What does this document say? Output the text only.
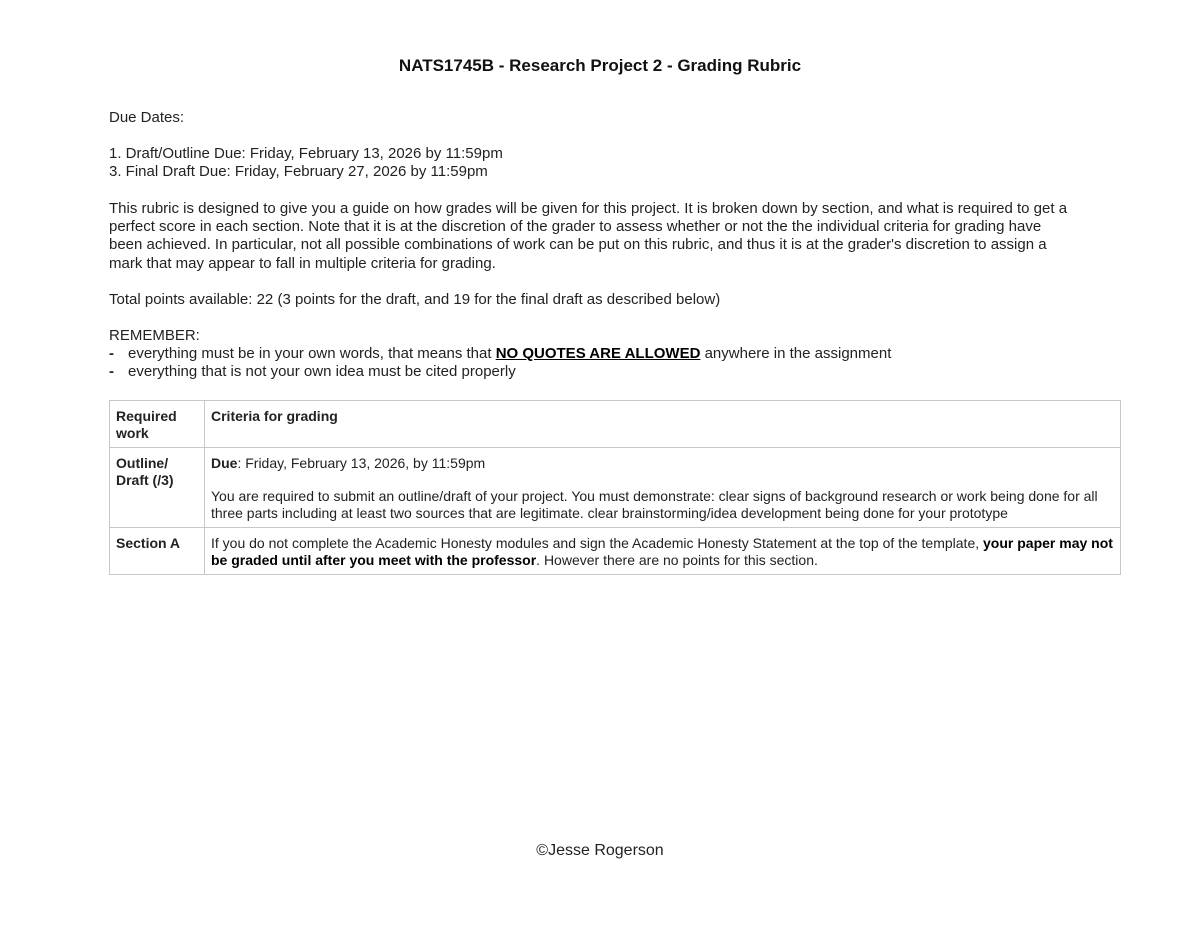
NATS1745B - Research Project 2 - Grading Rubric
Due Dates:
1. Draft/Outline Due: Friday, February 13, 2026 by 11:59pm
3. Final Draft Due: Friday, February 27, 2026 by 11:59pm
This rubric is designed to give you a guide on how grades will be given for this project. It is broken down by section, and what is required to get a perfect score in each section. Note that it is at the discretion of the grader to assess whether or not the the individual criteria for grading have been achieved. In particular, not all possible combinations of work can be put on this rubric, and thus it is at the grader's discretion to assign a mark that may appear to fall in multiple criteria for grading.
Total points available: 22 (3 points for the draft, and 19 for the final draft as described below)
REMEMBER:
- everything must be in your own words, that means that NO QUOTES ARE ALLOWED anywhere in the assignment
- everything that is not your own idea must be cited properly
Required work	Criteria for grading
Outline/ Draft (/3)	Due: Friday, February 13, 2026, by 11:59pm
You are required to submit an outline/draft of your project. You must demonstrate: clear signs of background research or work being done for all three parts including at least two sources that are legitimate. clear brainstorming/idea development being done for your prototype

Section A	If you do not complete the Academic Honesty modules and sign the Academic Honesty Statement at the top of the template, your paper may not be graded until after you meet with the professor. However there are no points for this section.
©Jesse Rogerson
